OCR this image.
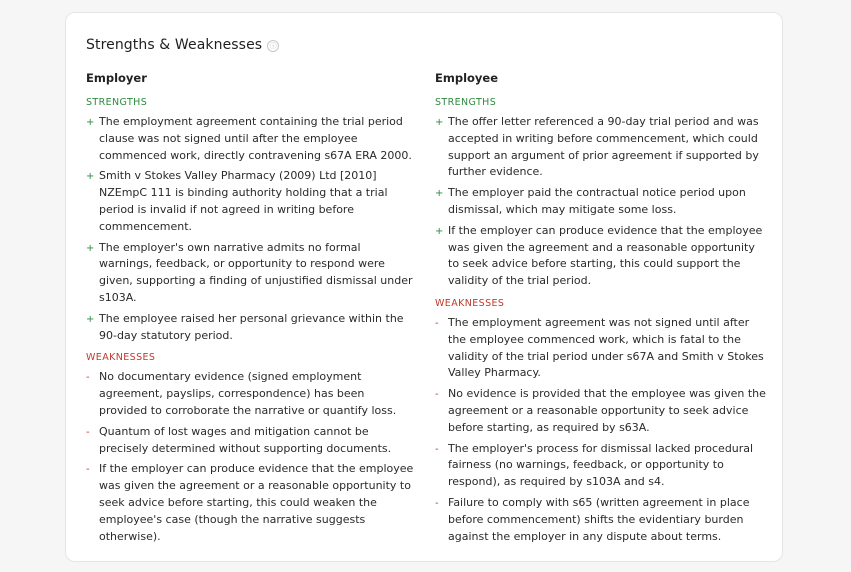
Strengths & Weaknesses ⓘ
Employer
STRENGTHS
+ The employment agreement containing the trial period clause was not signed until after the employee commenced work, directly contravening s67A ERA 2000.
+ Smith v Stokes Valley Pharmacy (2009) Ltd [2010] NZEmpC 111 is binding authority holding that a trial period is invalid if not agreed in writing before commencement.
+ The employer's own narrative admits no formal warnings, feedback, or opportunity to respond were given, supporting a finding of unjustified dismissal under s103A.
+ The employee raised her personal grievance within the 90-day statutory period.
WEAKNESSES
- No documentary evidence (signed employment agreement, payslips, correspondence) has been provided to corroborate the narrative or quantify loss.
- Quantum of lost wages and mitigation cannot be precisely determined without supporting documents.
- If the employer can produce evidence that the employee was given the agreement or a reasonable opportunity to seek advice before starting, this could weaken the employee's case (though the narrative suggests otherwise).
Employee
STRENGTHS
+ The offer letter referenced a 90-day trial period and was accepted in writing before commencement, which could support an argument of prior agreement if supported by further evidence.
+ The employer paid the contractual notice period upon dismissal, which may mitigate some loss.
+ If the employer can produce evidence that the employee was given the agreement and a reasonable opportunity to seek advice before starting, this could support the validity of the trial period.
WEAKNESSES
- The employment agreement was not signed until after the employee commenced work, which is fatal to the validity of the trial period under s67A and Smith v Stokes Valley Pharmacy.
- No evidence is provided that the employee was given the agreement or a reasonable opportunity to seek advice before starting, as required by s63A.
- The employer's process for dismissal lacked procedural fairness (no warnings, feedback, or opportunity to respond), as required by s103A and s4.
- Failure to comply with s65 (written agreement in place before commencement) shifts the evidentiary burden against the employer in any dispute about terms.
